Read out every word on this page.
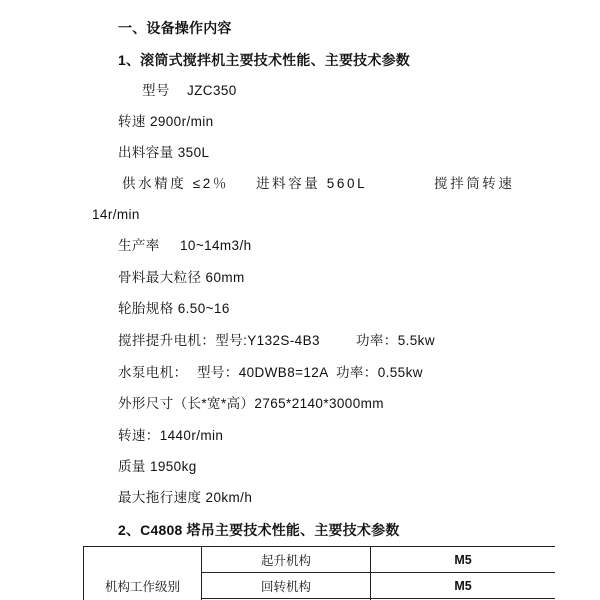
一、设备操作内容
1、滚筒式搅拌机主要技术性能、主要技术参数
型号 JZC350
转速 2900r/min
出料容量 350L
供水精度 ≤2％ 进料容量 560L	搅拌筒转速
14r/min
生产率 10~14m3/h
骨料最大粒径 60mm
轮胎规格 6.50~16
搅拌提升电机：型号:Y132S-4B3	功率：5.5kw
水泵电机： 型号：40DWB8=12A 功率：0.55kw
外形尺寸（长*宽*高）2765*2140*3000mm
转速：1440r/min
质量 1950kg
最大拖行速度 20km/h
2、C4808 塔吊主要技术性能、主要技术参数
机构工作级别	起升机构	M5
	回转机构	M5
